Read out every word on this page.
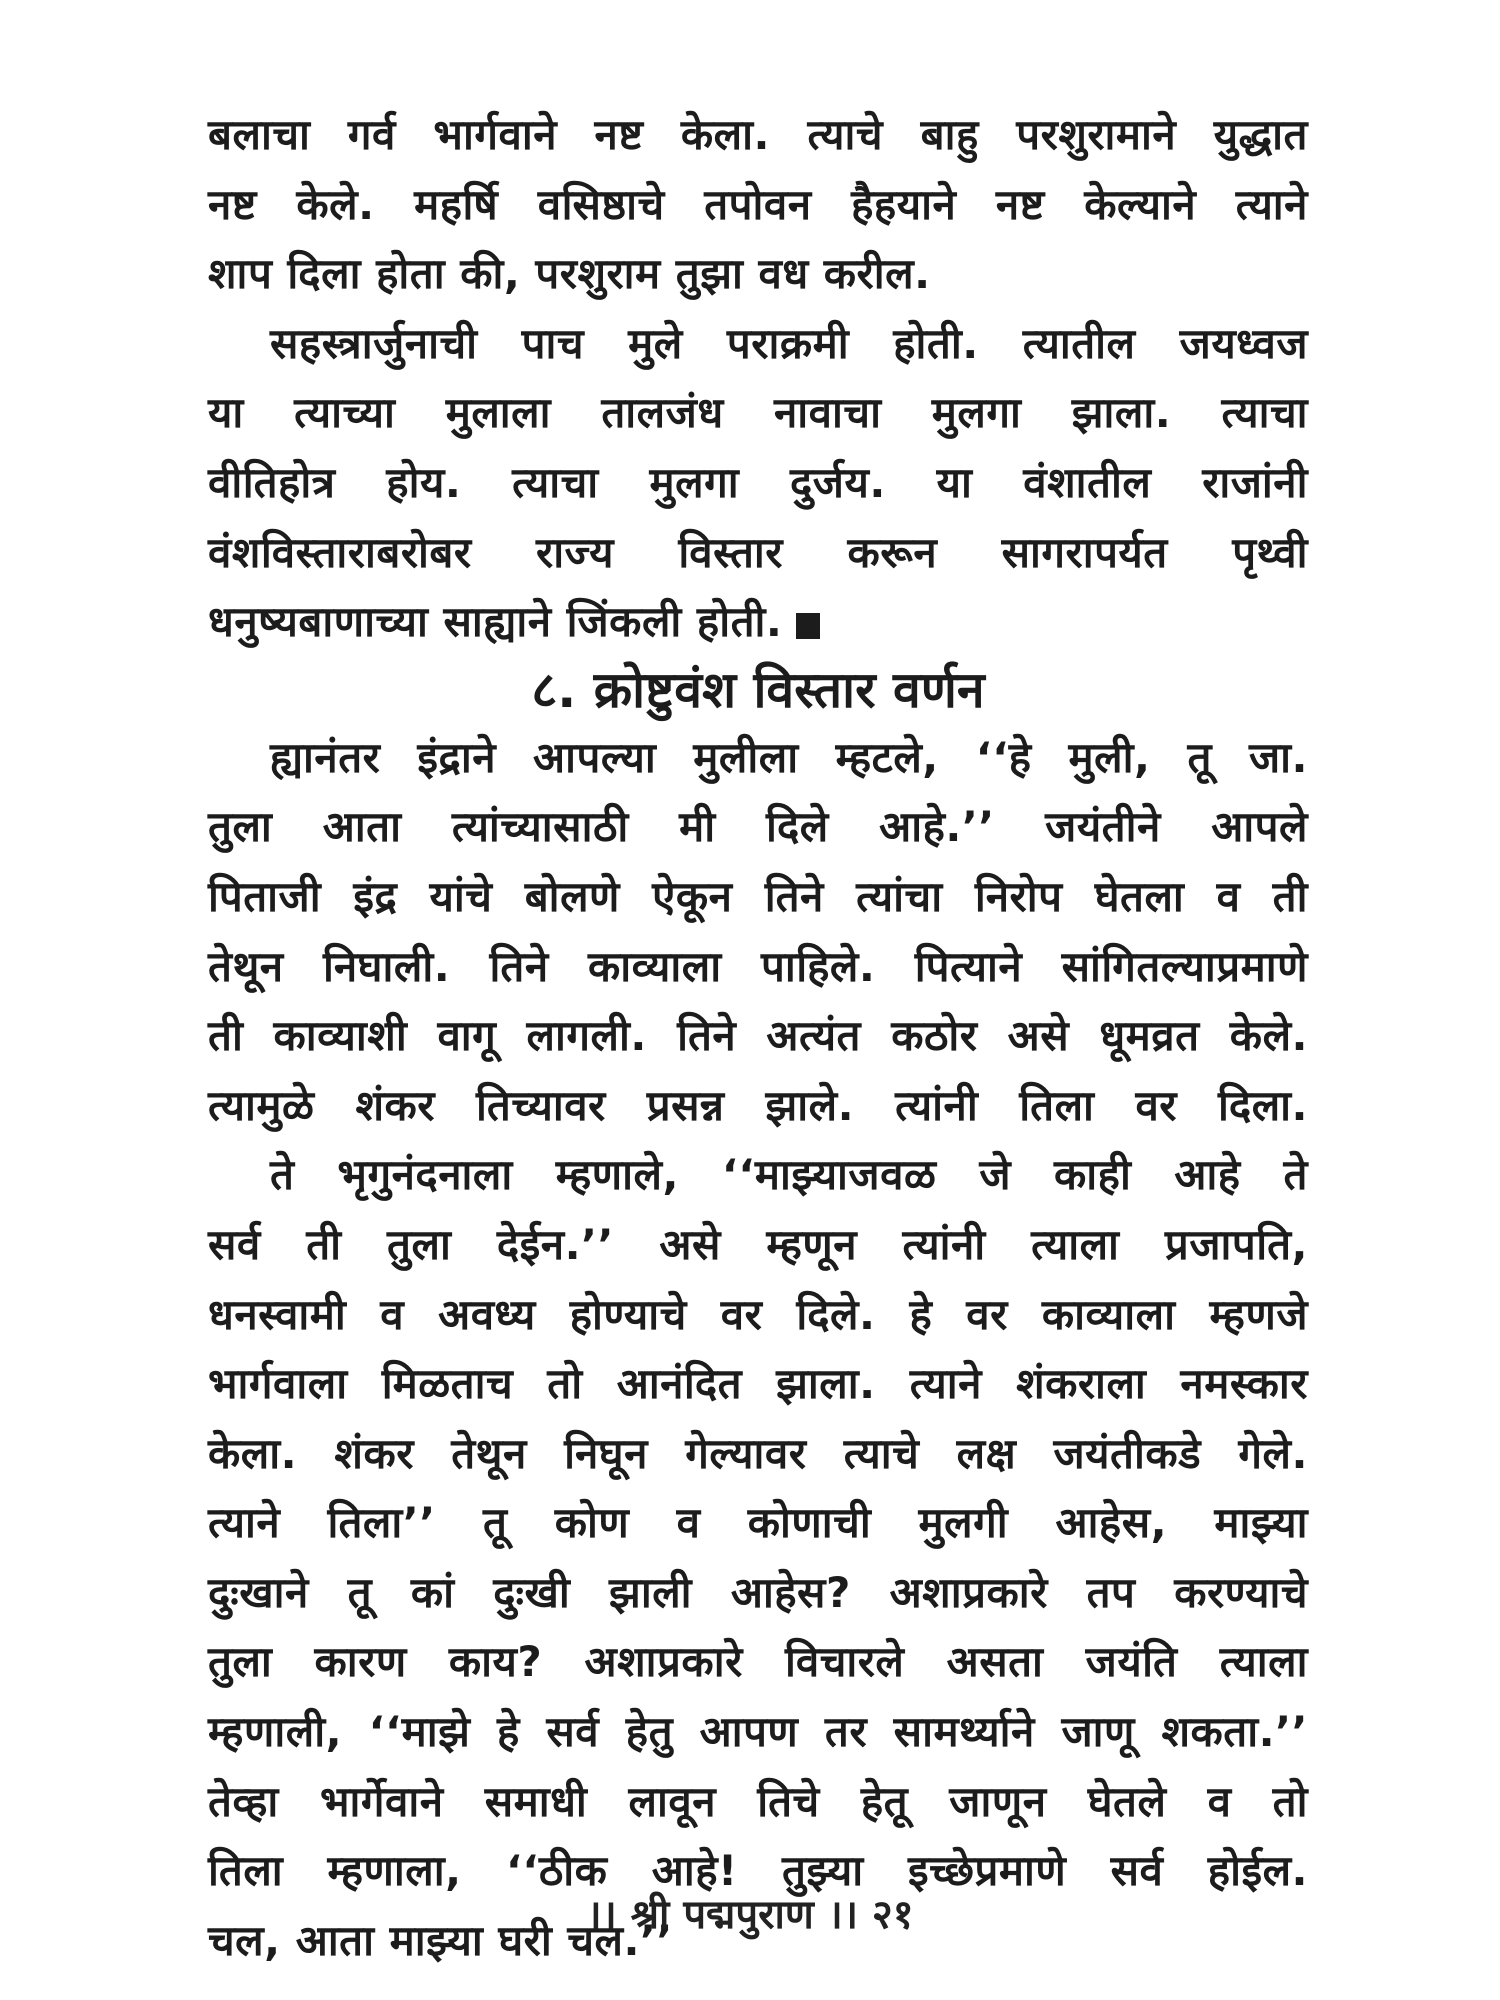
बलाचा गर्व भार्गवाने नष्ट केला. त्याचे बाहु परशुरामाने युद्धात
नष्ट केले. महर्षि वसिष्ठाचे तपोवन हैहयाने नष्ट केल्याने त्याने
शाप दिला होता की, परशुराम तुझा वध करील.
सहस्त्रार्जुनाची पाच मुले पराक्रमी होती. त्यातील जयध्वज
या त्याच्या मुलाला तालजंध नावाचा मुलगा झाला. त्याचा
वीतिहोत्र होय. त्याचा मुलगा दुर्जय. या वंशातील राजांनी
वंशविस्ताराबरोबर राज्य विस्तार करून सागरापर्यत पृथ्वी
धनुष्यबाणाच्या साह्याने जिंकली होती.
८. क्रोष्टुवंश विस्तार वर्णन
ह्यानंतर इंद्राने आपल्या मुलीला म्हटले, ‘‘हे मुली, तू जा.
तुला आता त्यांच्यासाठी मी दिले आहे.’’ जयंतीने आपले
पिताजी इंद्र यांचे बोलणे ऐकून तिने त्यांचा निरोप घेतला व ती
तेथून निघाली. तिने काव्याला पाहिले. पित्याने सांगितल्याप्रमाणे
ती काव्याशी वागू लागली. तिने अत्यंत कठोर असे धूमव्रत केले.
त्यामुळे शंकर तिच्यावर प्रसन्न झाले. त्यांनी तिला वर दिला.
ते भृगुनंदनाला म्हणाले, ‘‘माझ्याजवळ जे काही आहे ते
सर्व ती तुला देईन.’’ असे म्हणून त्यांनी त्याला प्रजापति,
धनस्वामी व अवध्य होण्याचे वर दिले. हे वर काव्याला म्हणजे
भार्गवाला मिळताच तो आनंदित झाला. त्याने शंकराला नमस्कार
केला. शंकर तेथून निघून गेल्यावर त्याचे लक्ष जयंतीकडे गेले.
त्याने तिला’’ तू कोण व कोणाची मुलगी आहेस, माझ्या
दुःखाने तू कां दुःखी झाली आहेस? अशाप्रकारे तप करण्याचे
तुला कारण काय? अशाप्रकारे विचारले असता जयंति त्याला
म्हणाली, ‘‘माझे हे सर्व हेतु आपण तर सामर्थ्याने जाणू शकता.’’
तेव्हा भार्गेवाने समाधी लावून तिचे हेतू जाणून घेतले व तो
तिला म्हणाला, ‘‘ठीक आहे! तुझ्या इच्छेप्रमाणे सर्व होईल.
चल, आता माझ्या घरी चल.’’
।। श्री पद्मपुराण ।। २१
